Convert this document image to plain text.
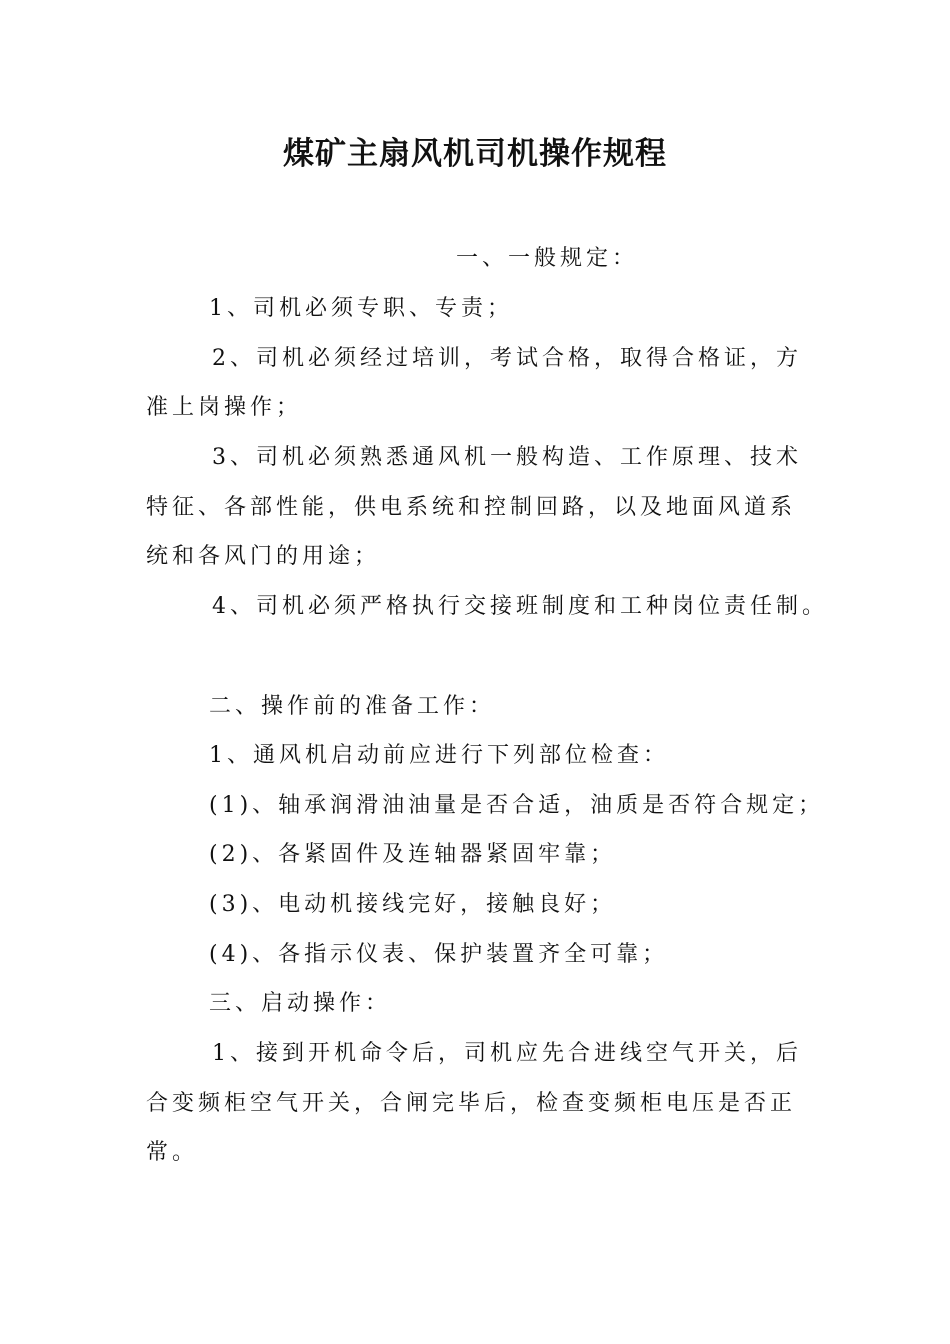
煤矿主扇风机司机操作规程
一、一般规定：
1、司机必须专职、专责；
2、司机必须经过培训，考试合格，取得合格证，方
准上岗操作；
3、司机必须熟悉通风机一般构造、工作原理、技术
特征、各部性能，供电系统和控制回路，以及地面风道系
统和各风门的用途；
4、司机必须严格执行交接班制度和工种岗位责任制。
二、操作前的准备工作：
1、通风机启动前应进行下列部位检查：
(1)、轴承润滑油油量是否合适，油质是否符合规定；
(2)、各紧固件及连轴器紧固牢靠；
(3)、电动机接线完好，接触良好；
(4)、各指示仪表、保护装置齐全可靠；
三、启动操作：
1、接到开机命令后，司机应先合进线空气开关，后
合变频柜空气开关，合闸完毕后，检查变频柜电压是否正
常。
